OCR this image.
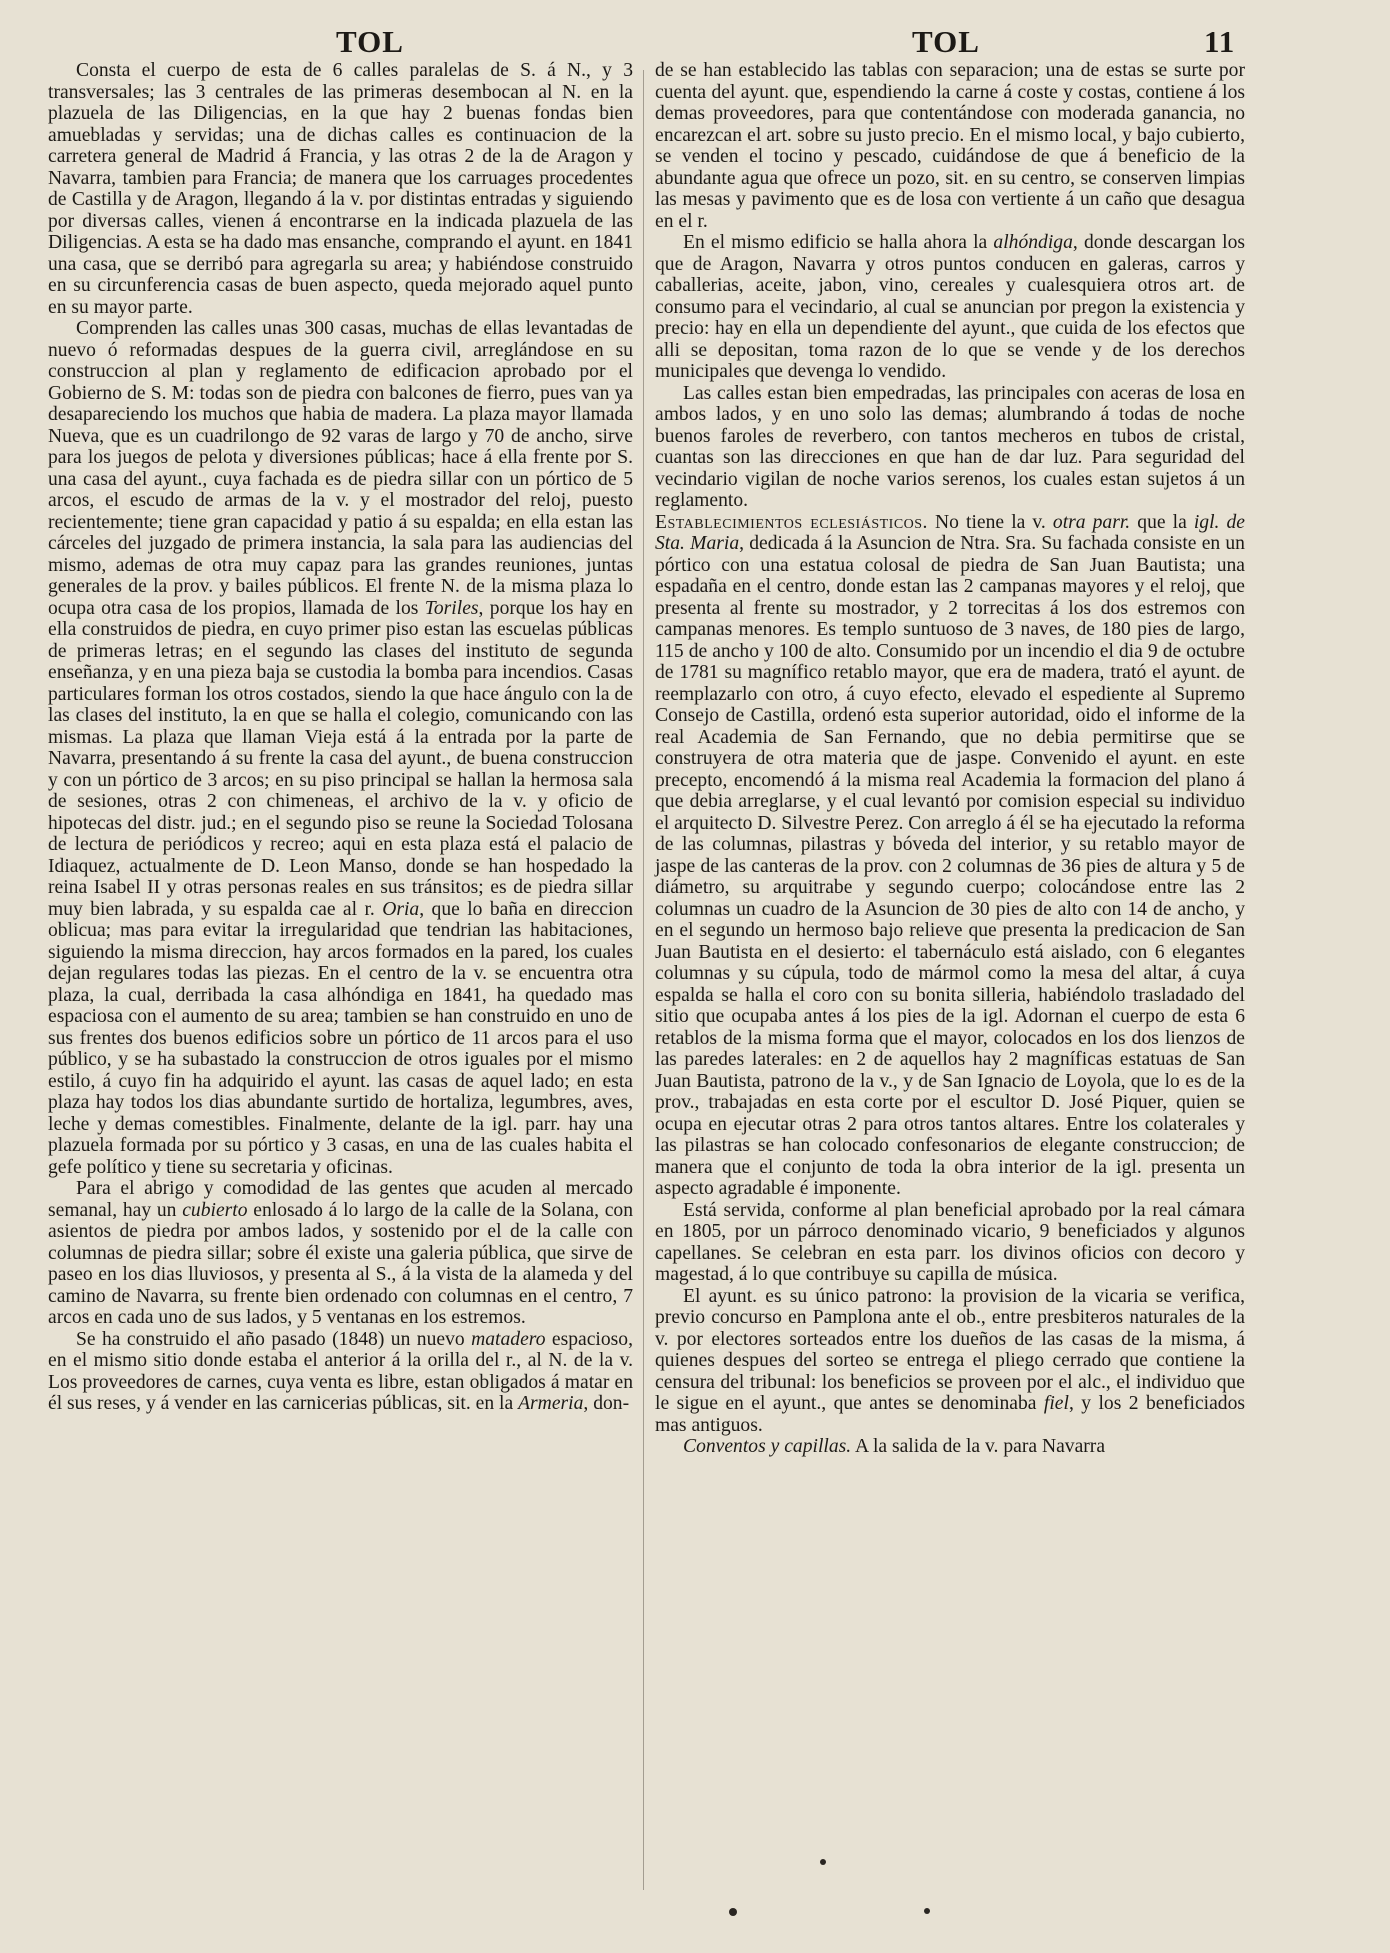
TOL	TOL	11

Consta el cuerpo de esta de 6 calles paralelas de S. á N., y 3 transversales; las 3 centrales de las primeras desembocan al N. en la plazuela de las Diligencias, en la que hay 2 buenas fondas bien amuebladas y servidas; una de dichas calles es continuacion de la carretera general de Madrid á Francia, y las otras 2 de la de Aragon y Navarra, tambien para Francia; de manera que los carruages procedentes de Castilla y de Aragon, llegando á la v. por distintas entradas y siguiendo por diversas calles, vienen á encontrarse en la indicada plazuela de las Diligencias. A esta se ha dado mas ensanche, comprando el ayunt. en 1841 una casa, que se derribó para agregarla su area; y habiéndose construido en su circunferencia casas de buen aspecto, queda mejorado aquel punto en su mayor parte.

Comprenden las calles unas 300 casas, muchas de ellas levantadas de nuevo ó reformadas despues de la guerra civil, arreglándose en su construccion al plan y reglamento de edificacion aprobado por el Gobierno de S. M: todas son de piedra con balcones de fierro, pues van ya desapareciendo los muchos que habia de madera. La plaza mayor llamada Nueva, que es un cuadrilongo de 92 varas de largo y 70 de ancho, sirve para los juegos de pelota y diversiones públicas; hace á ella frente por S. una casa del ayunt., cuya fachada es de piedra sillar con un pórtico de 5 arcos, el escudo de armas de la v. y el mostrador del reloj, puesto recientemente; tiene gran capacidad y patio á su espalda; en ella estan las cárceles del juzgado de primera instancia, la sala para las audiencias del mismo, ademas de otra muy capaz para las grandes reuniones, juntas generales de la prov. y bailes públicos. El frente N. de la misma plaza lo ocupa otra casa de los propios, llamada de los Toriles, porque los hay en ella construidos de piedra, en cuyo primer piso estan las escuelas públicas de primeras letras; en el segundo las clases del instituto de segunda enseñanza, y en una pieza baja se custodia la bomba para incendios. Casas particulares forman los otros costados, siendo la que hace ángulo con la de las clases del instituto, la en que se halla el colegio, comunicando con las mismas. La plaza que llaman Vieja está á la entrada por la parte de Navarra, presentando á su frente la casa del ayunt., de buena construccion y con un pórtico de 3 arcos; en su piso principal se hallan la hermosa sala de sesiones, otras 2 con chimeneas, el archivo de la v. y oficio de hipotecas del distr. jud.; en el segundo piso se reune la Sociedad Tolosana de lectura de periódicos y recreo; aqui en esta plaza está el palacio de Idiaquez, actualmente de D. Leon Manso, donde se han hospedado la reina Isabel II y otras personas reales en sus tránsitos; es de piedra sillar muy bien labrada, y su espalda cae al r. Oria, que lo baña en direccion oblicua; mas para evitar la irregularidad que tendrian las habitaciones, siguiendo la misma direccion, hay arcos formados en la pared, los cuales dejan regulares todas las piezas. En el centro de la v. se encuentra otra plaza, la cual, derribada la casa alhóndiga en 1841, ha quedado mas espaciosa con el aumento de su area; tambien se han construido en uno de sus frentes dos buenos edificios sobre un pórtico de 11 arcos para el uso público, y se ha subastado la construccion de otros iguales por el mismo estilo, á cuyo fin ha adquirido el ayunt. las casas de aquel lado; en esta plaza hay todos los dias abundante surtido de hortaliza, legumbres, aves, leche y demas comestibles. Finalmente, delante de la igl. parr. hay una plazuela formada por su pórtico y 3 casas, en una de las cuales habita el gefe político y tiene su secretaria y oficinas.

Para el abrigo y comodidad de las gentes que acuden al mercado semanal, hay un cubierto enlosado á lo largo de la calle de la Solana, con asientos de piedra por ambos lados, y sostenido por el de la calle con columnas de piedra sillar; sobre él existe una galeria pública, que sirve de paseo en los dias lluviosos, y presenta al S., á la vista de la alameda y del camino de Navarra, su frente bien ordenado con columnas en el centro, 7 arcos en cada uno de sus lados, y 5 ventanas en los estremos.

Se ha construido el año pasado (1848) un nuevo matadero espacioso, en el mismo sitio donde estaba el anterior á la orilla del r., al N. de la v. Los proveedores de carnes, cuya venta es libre, estan obligados á matar en él sus reses, y á vender en las carnicerias públicas, sit. en la Armeria, don-

de se han establecido las tablas con separacion; una de estas se surte por cuenta del ayunt. que, espendiendo la carne á coste y costas, contiene á los demas proveedores, para que contentándose con moderada ganancia, no encarezcan el art. sobre su justo precio. En el mismo local, y bajo cubierto, se venden el tocino y pescado, cuidándose de que á beneficio de la abundante agua que ofrece un pozo, sit. en su centro, se conserven limpias las mesas y pavimento que es de losa con vertiente á un caño que desagua en el r.

En el mismo edificio se halla ahora la alhóndiga, donde descargan los que de Aragon, Navarra y otros puntos conducen en galeras, carros y caballerias, aceite, jabon, vino, cereales y cualesquiera otros art. de consumo para el vecindario, al cual se anuncian por pregon la existencia y precio: hay en ella un dependiente del ayunt., que cuida de los efectos que alli se depositan, toma razon de lo que se vende y de los derechos municipales que devenga lo vendido.

Las calles estan bien empedradas, las principales con aceras de losa en ambos lados, y en uno solo las demas; alumbrando á todas de noche buenos faroles de reverbero, con tantos mecheros en tubos de cristal, cuantas son las direcciones en que han de dar luz. Para seguridad del vecindario vigilan de noche varios serenos, los cuales estan sujetos á un reglamento.

Establecimientos eclesiásticos. No tiene la v. otra parr. que la igl. de Sta. Maria, dedicada á la Asuncion de Ntra. Sra. Su fachada consiste en un pórtico con una estatua colosal de piedra de San Juan Bautista; una espadaña en el centro, donde estan las 2 campanas mayores y el reloj, que presenta al frente su mostrador, y 2 torrecitas á los dos estremos con campanas menores. Es templo suntuoso de 3 naves, de 180 pies de largo, 115 de ancho y 100 de alto. Consumido por un incendio el dia 9 de octubre de 1781 su magnífico retablo mayor, que era de madera, trató el ayunt. de reemplazarlo con otro, á cuyo efecto, elevado el espediente al Supremo Consejo de Castilla, ordenó esta superior autoridad, oido el informe de la real Academia de San Fernando, que no debia permitirse que se construyera de otra materia que de jaspe. Convenido el ayunt. en este precepto, encomendó á la misma real Academia la formacion del plano á que debia arreglarse, y el cual levantó por comision especial su individuo el arquitecto D. Silvestre Perez. Con arreglo á él se ha ejecutado la reforma de las columnas, pilastras y bóveda del interior, y su retablo mayor de jaspe de las canteras de la prov. con 2 columnas de 36 pies de altura y 5 de diámetro, su arquitrabe y segundo cuerpo; colocándose entre las 2 columnas un cuadro de la Asuncion de 30 pies de alto con 14 de ancho, y en el segundo un hermoso bajo relieve que presenta la predicacion de San Juan Bautista en el desierto: el tabernáculo está aislado, con 6 elegantes columnas y su cúpula, todo de mármol como la mesa del altar, á cuya espalda se halla el coro con su bonita silleria, habiéndolo trasladado del sitio que ocupaba antes á los pies de la igl. Adornan el cuerpo de esta 6 retablos de la misma forma que el mayor, colocados en los dos lienzos de las paredes laterales: en 2 de aquellos hay 2 magníficas estatuas de San Juan Bautista, patrono de la v., y de San Ignacio de Loyola, que lo es de la prov., trabajadas en esta corte por el escultor D. José Piquer, quien se ocupa en ejecutar otras 2 para otros tantos altares. Entre los colaterales y las pilastras se han colocado confesonarios de elegante construccion; de manera que el conjunto de toda la obra interior de la igl. presenta un aspecto agradable é imponente.

Está servida, conforme al plan beneficial aprobado por la real cámara en 1805, por un párroco denominado vicario, 9 beneficiados y algunos capellanes. Se celebran en esta parr. los divinos oficios con decoro y magestad, á lo que contribuye su capilla de música.

El ayunt. es su único patrono: la provision de la vicaria se verifica, previo concurso en Pamplona ante el ob., entre presbiteros naturales de la v. por electores sorteados entre los dueños de las casas de la misma, á quienes despues del sorteo se entrega el pliego cerrado que contiene la censura del tribunal: los beneficios se proveen por el alc., el individuo que le sigue en el ayunt., que antes se denominaba fiel, y los 2 beneficiados mas antiguos.

Conventos y capillas. A la salida de la v. para Navarra
